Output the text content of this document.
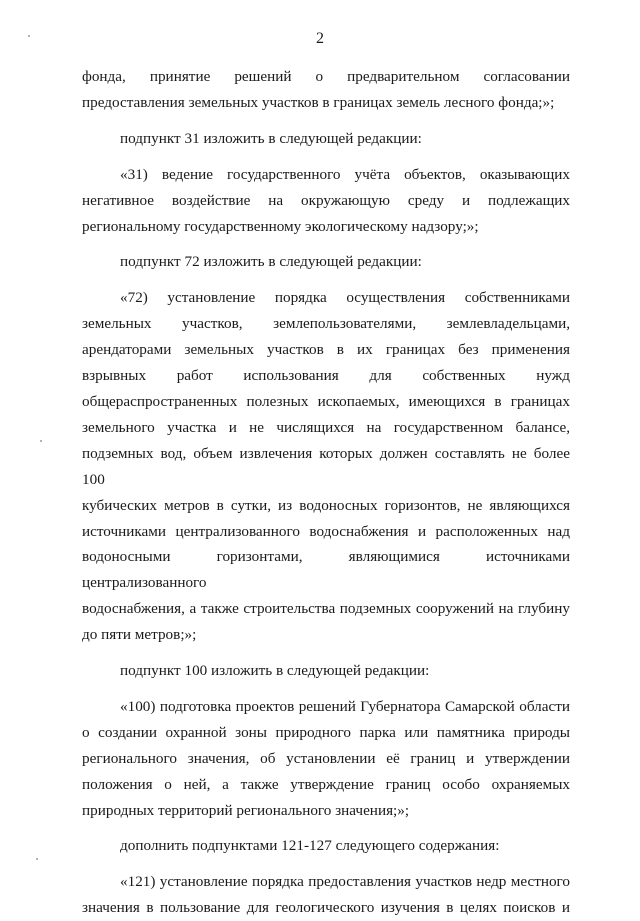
2
фонда, принятие решений о предварительном согласовании
предоставления земельных участков в границах земель лесного фонда;»;
подпункт 31 изложить в следующей редакции:
«31) ведение государственного учёта объектов, оказывающих
негативное воздействие на окружающую среду и подлежащих
региональному государственному экологическому надзору;»;
подпункт 72 изложить в следующей редакции:
«72) установление порядка осуществления собственниками
земельных участков, землепользователями, землевладельцами,
арендаторами земельных участков в их границах без применения
взрывных работ использования для собственных нужд
общераспространенных полезных ископаемых, имеющихся в границах
земельного участка и не числящихся на государственном балансе,
подземных вод, объем извлечения которых должен составлять не более 100
кубических метров в сутки, из водоносных горизонтов, не являющихся
источниками централизованного водоснабжения и расположенных над
водоносными горизонтами, являющимися источниками централизованного
водоснабжения, а также строительства подземных сооружений на глубину
до пяти метров;»;
подпункт 100 изложить в следующей редакции:
«100) подготовка проектов решений Губернатора Самарской области
о создании охранной зоны природного парка или памятника природы
регионального значения, об установлении её границ и утверждении
положения о ней, а также утверждение границ особо охраняемых
природных территорий регионального значения;»;
дополнить подпунктами 121-127 следующего содержания:
«121) установление порядка предоставления участков недр местного
значения в пользование для геологического изучения в целях поисков и
